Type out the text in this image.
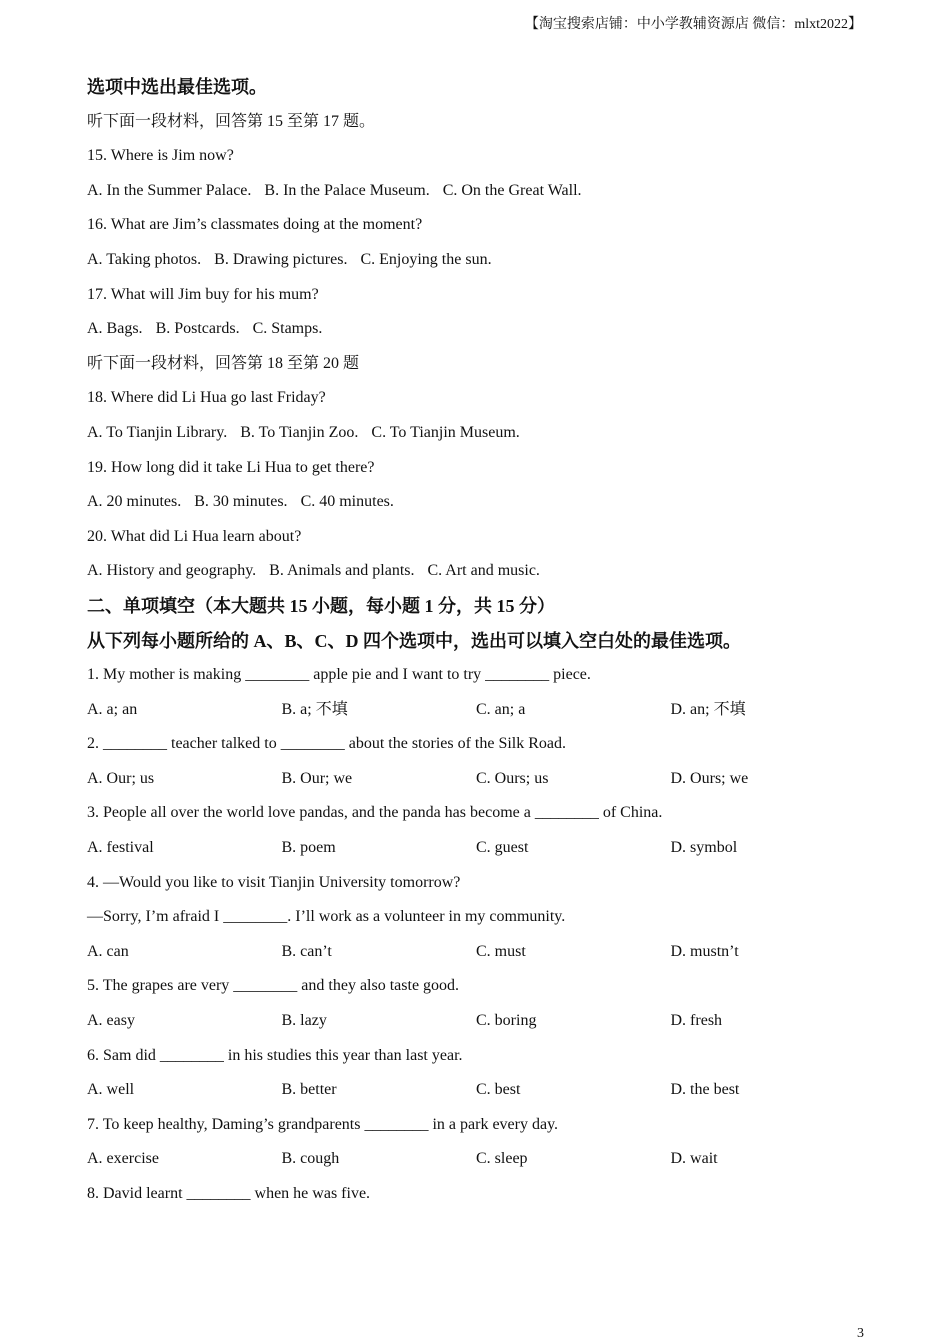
【淘宝搜索店铺：中小学教辅资源店 微信：mlxt2022】
选项中选出最佳选项。
听下面一段材料，回答第 15 至第 17 题。
15. Where is Jim now?
A. In the Summer Palace. B. In the Palace Museum. C. On the Great Wall.
16. What are Jim’s classmates doing at the moment?
A. Taking photos. B. Drawing pictures. C. Enjoying the sun.
17. What will Jim buy for his mum?
A. Bags. B. Postcards. C. Stamps.
听下面一段材料，回答第 18 至第 20 题
18. Where did Li Hua go last Friday?
A. To Tianjin Library. B. To Tianjin Zoo. C. To Tianjin Museum.
19. How long did it take Li Hua to get there?
A. 20 minutes. B. 30 minutes. C. 40 minutes.
20. What did Li Hua learn about?
A. History and geography. B. Animals and plants. C. Art and music.
二、单项填空（本大题共 15 小题，每小题 1 分，共 15 分）
从下列每小题所给的 A、B、C、D 四个选项中，选出可以填入空白处的最佳选项。
1. My mother is making ________ apple pie and I want to try ________ piece.
A. a; an	B. a; 不填	C. an; a	D. an; 不填
2. ________ teacher talked to ________ about the stories of the Silk Road.
A. Our; us	B. Our; we	C. Ours; us	D. Ours; we
3. People all over the world love pandas, and the panda has become a ________ of China.
A. festival	B. poem	C. guest	D. symbol
4. —Would you like to visit Tianjin University tomorrow?
—Sorry, I’m afraid I ________. I’ll work as a volunteer in my community.
A. can	B. can’t	C. must	D. mustn’t
5. The grapes are very ________ and they also taste good.
A. easy	B. lazy	C. boring	D. fresh
6. Sam did ________ in his studies this year than last year.
A. well	B. better	C. best	D. the best
7. To keep healthy, Daming’s grandparents ________ in a park every day.
A. exercise	B. cough	C. sleep	D. wait
8. David learnt ________ when he was five.
3
